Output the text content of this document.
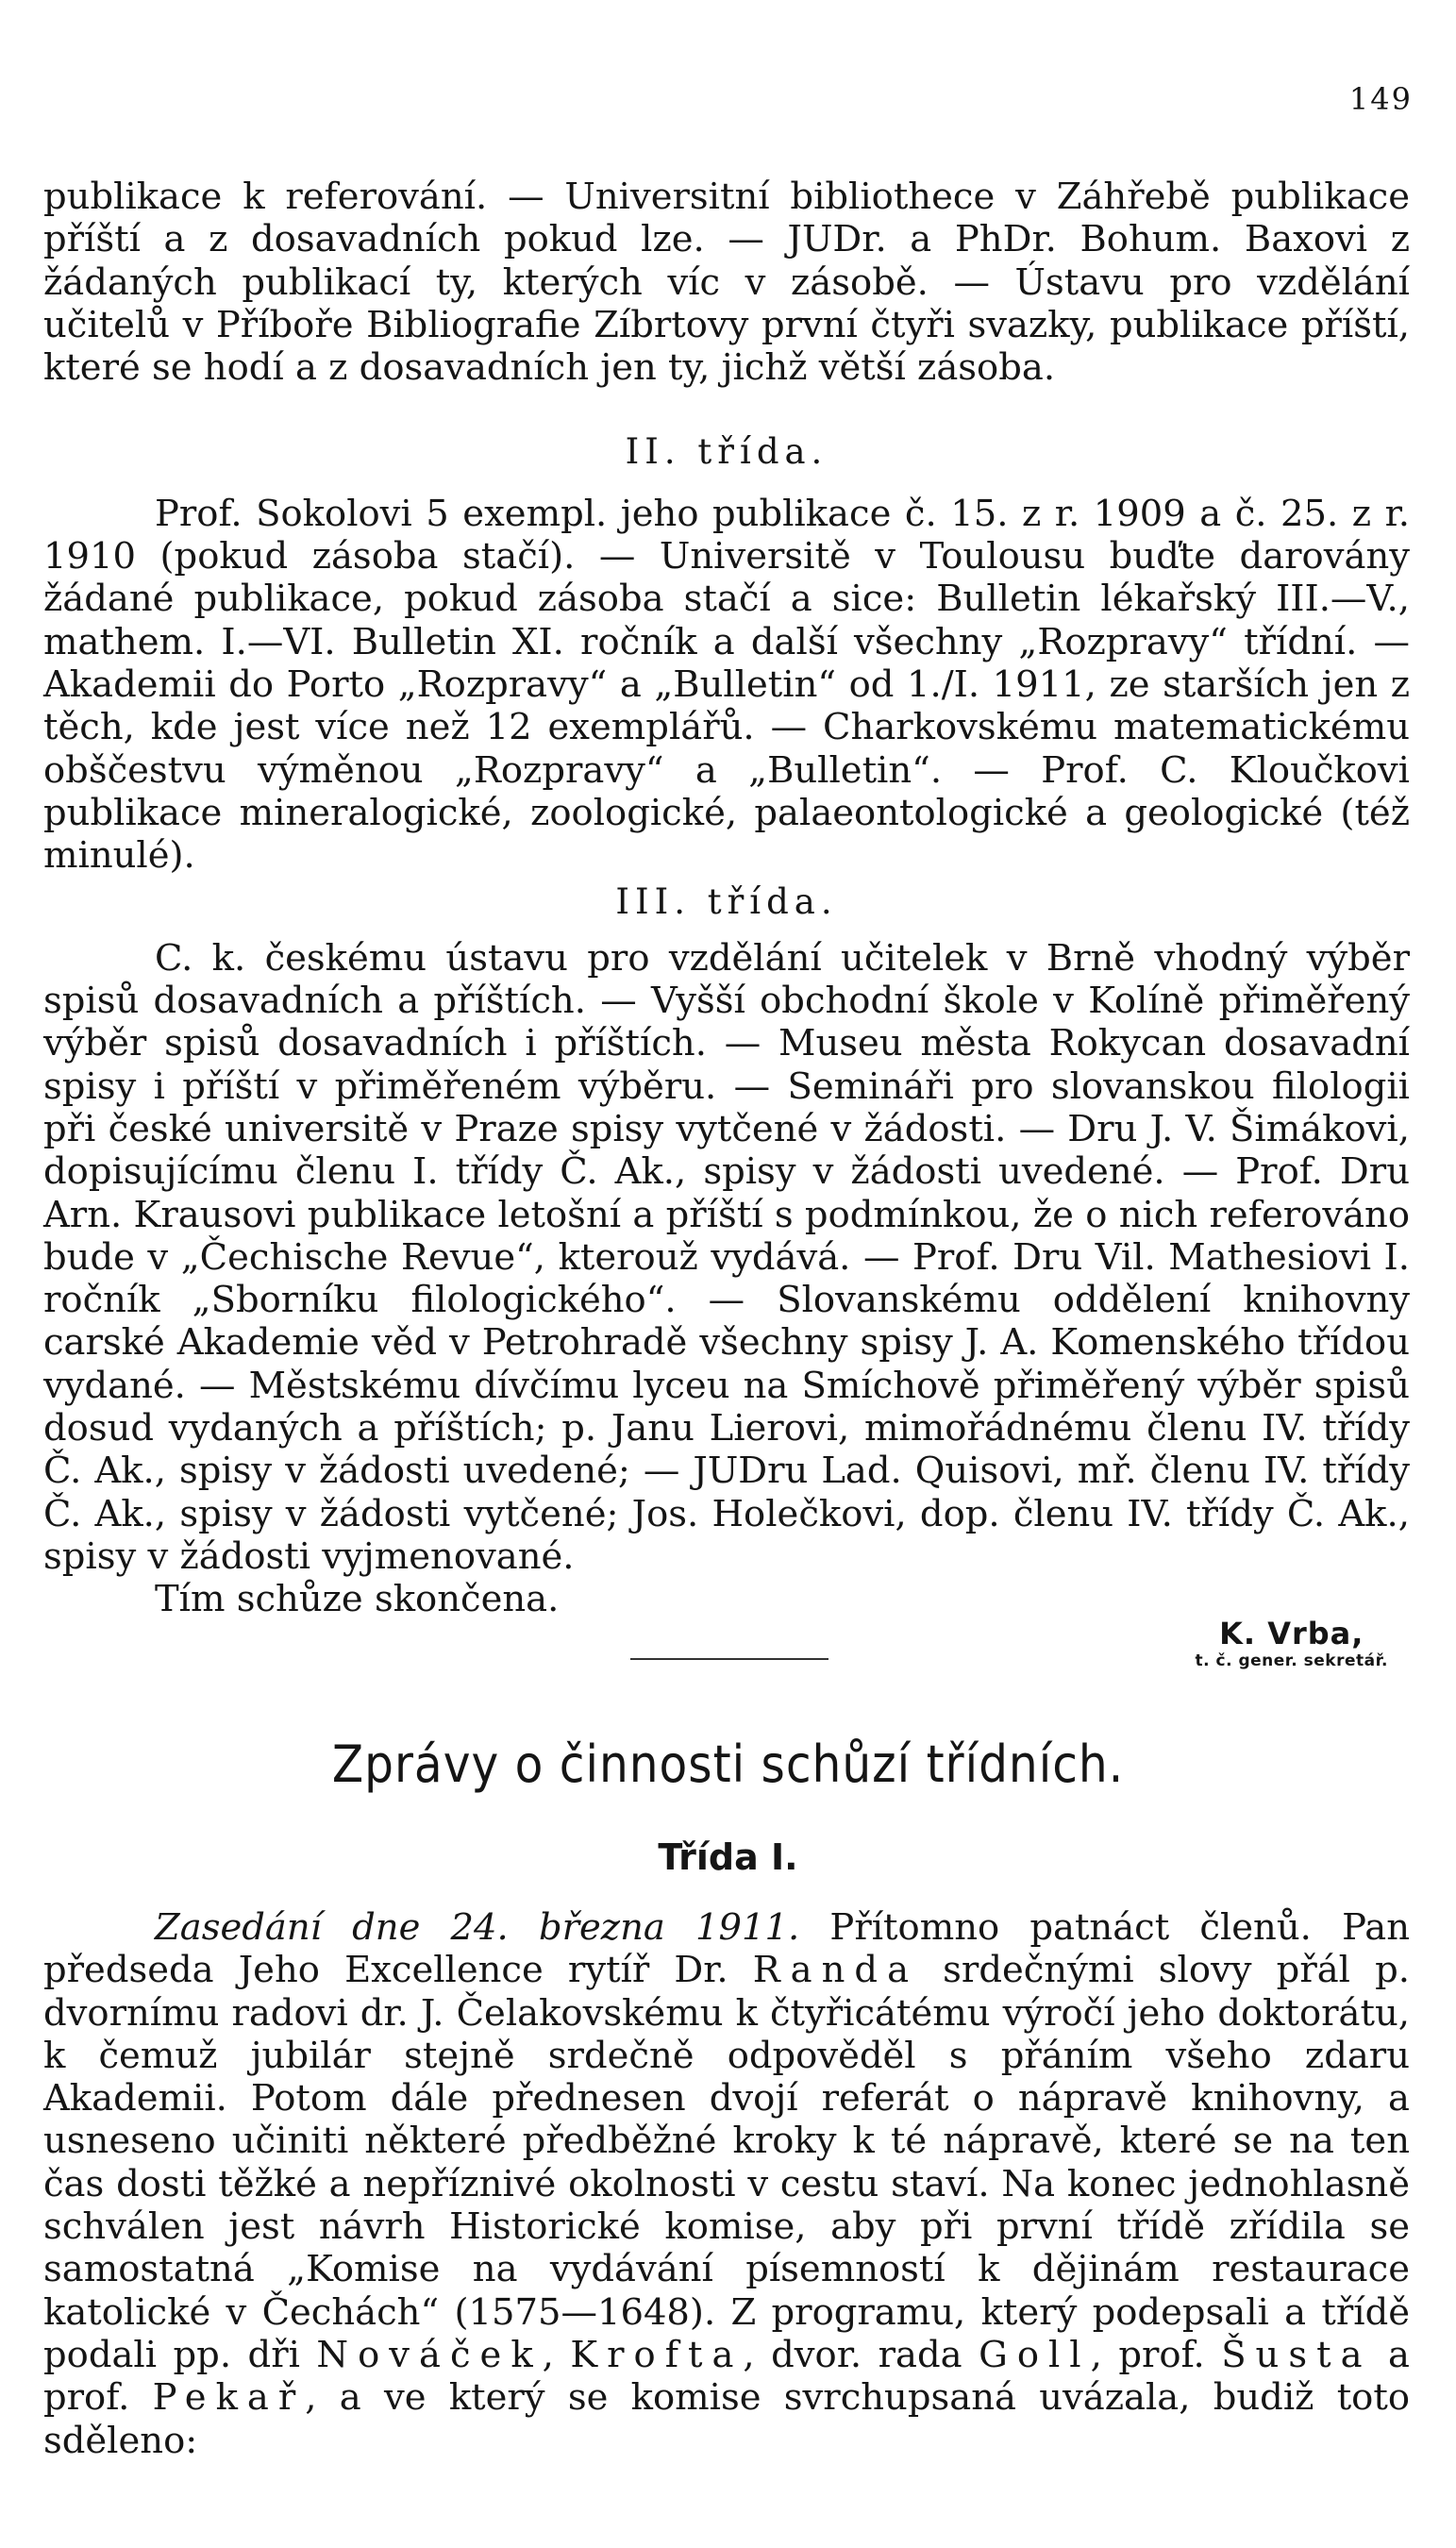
149

publikace k referování. — Universitní bibliothece v Záhřebě publikace příští a z dosavadních pokud lze. — JUDr. a PhDr. Bohum. Baxovi z žádaných publikací ty, kterých víc v zásobě. — Ústavu pro vzdělání učitelů v Příboře Bibliografie Zíbrtovy první čtyři svazky, publikace příští, které se hodí a z dosavadních jen ty, jichž větší zásoba.

II. třída.

Prof. Sokolovi 5 exempl. jeho publikace č. 15. z r. 1909 a č. 25. z r. 1910 (pokud zásoba stačí). — Universitě v Toulousu buďte darovány žádané publikace, pokud zásoba stačí a sice: Bulletin lékařský III.—V., mathem. I.—VI. Bulletin XI. ročník a další všechny „Rozpravy“ třídní. — Akademii do Porto „Rozpravy“ a „Bulletin“ od 1./I. 1911, ze starších jen z těch, kde jest více než 12 exemplářů. — Charkovskému matematickému obščestvu výměnou „Rozpravy“ a „Bulletin“. — Prof. C. Kloučkovi publikace mineralogické, zoologické, palaeontologické a geologické (též minulé).

III. třída.

C. k. českému ústavu pro vzdělání učitelek v Brně vhodný výběr spisů dosavadních a příštích. — Vyšší obchodní škole v Kolíně přiměřený výběr spisů dosavadních i příštích. — Museu města Rokycan dosavadní spisy i příští v přiměřeném výběru. — Semináři pro slovanskou filologii při české universitě v Praze spisy vytčené v žádosti. — Dru J. V. Šimákovi, dopisujícímu členu I. třídy Č. Ak., spisy v žádosti uvedené. — Prof. Dru Arn. Krausovi publikace letošní a příští s podmínkou, že o nich referováno bude v „Čechische Revue“, kterouž vydává. — Prof. Dru Vil. Mathesiovi I. ročník „Sborníku filologického“. — Slovanskému oddělení knihovny carské Akademie věd v Petrohradě všechny spisy J. A. Komenského třídou vydané. — Městskému dívčímu lyceu na Smíchově přiměřený výběr spisů dosud vydaných a příštích; p. Janu Lierovi, mimořádnému členu IV. třídy Č. Ak., spisy v žádosti uvedené; — JUDru Lad. Quisovi, mř. členu IV. třídy Č. Ak., spisy v žádosti vytčené; Jos. Holečkovi, dop. členu IV. třídy Č. Ak., spisy v žádosti vyjmenované.

Tím schůze skončena.

K. Vrba,
t. č. gener. sekretář.
Zprávy o činnosti schůzí třídních.
Třída I.

Zasedání dne 24. března 1911. Přítomno patnáct členů. Pan předseda Jeho Excellence rytíř Dr. Randa srdečnými slovy přál p. dvornímu radovi dr. J. Čelakovskému k čtyřicátému výročí jeho doktorátu, k čemuž jubilár stejně srdečně odpověděl s přáním všeho zdaru Akademii. Potom dále přednesen dvojí referát o nápravě knihovny, a usneseno učiniti některé předběžné kroky k té nápravě, které se na ten čas dosti těžké a nepříznivé okolnosti v cestu staví. Na konec jednohlasně schválen jest návrh Historické komise, aby při první třídě zřídila se samostatná „Komise na vydávání písemností k dějinám restaurace katolické v Čechách“ (1575—1648). Z programu, který podepsali a třídě podali pp. dři Nováček, Krofta, dvor. rada Goll, prof. Šusta a prof. Pekař, a ve který se komise svrchupsaná uvázala, budiž toto sděleno:
